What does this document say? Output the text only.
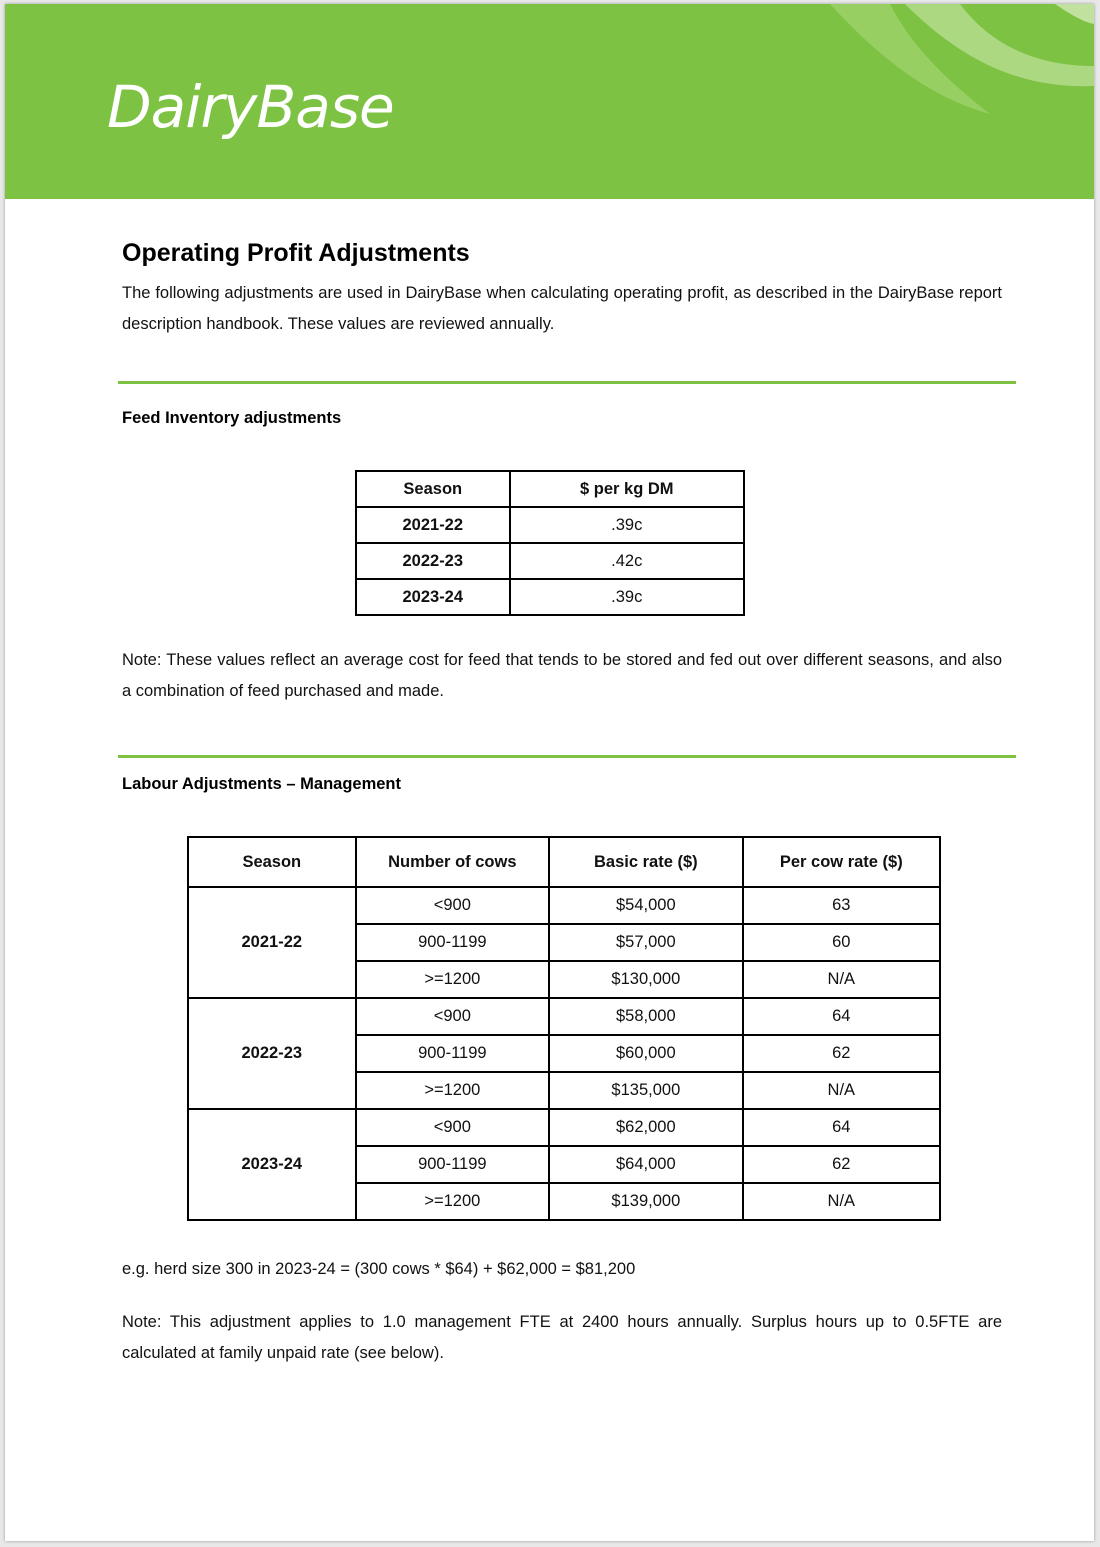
DairyBase
Operating Profit Adjustments

The following adjustments are used in DairyBase when calculating operating profit, as described in the DairyBase report description handbook. These values are reviewed annually.

Feed Inventory adjustments
Season	$ per kg DM
2021-22	.39c
2022-23	.42c
2023-24	.39c

Note: These values reflect an average cost for feed that tends to be stored and fed out over different seasons, and also a combination of feed purchased and made.

Labour Adjustments – Management
Season	Number of cows	Basic rate ($)	Per cow rate ($)
2021-22	<900	$54,000	63
	900-1199	$57,000	60
	>=1200	$130,000	N/A
2022-23	<900	$58,000	64
	900-1199	$60,000	62
	>=1200	$135,000	N/A
2023-24	<900	$62,000	64
	900-1199	$64,000	62
	>=1200	$139,000	N/A

e.g. herd size 300 in 2023-24 = (300 cows * $64) + $62,000 = $81,200

Note: This adjustment applies to 1.0 management FTE at 2400 hours annually. Surplus hours up to 0.5FTE are calculated at family unpaid rate (see below).
